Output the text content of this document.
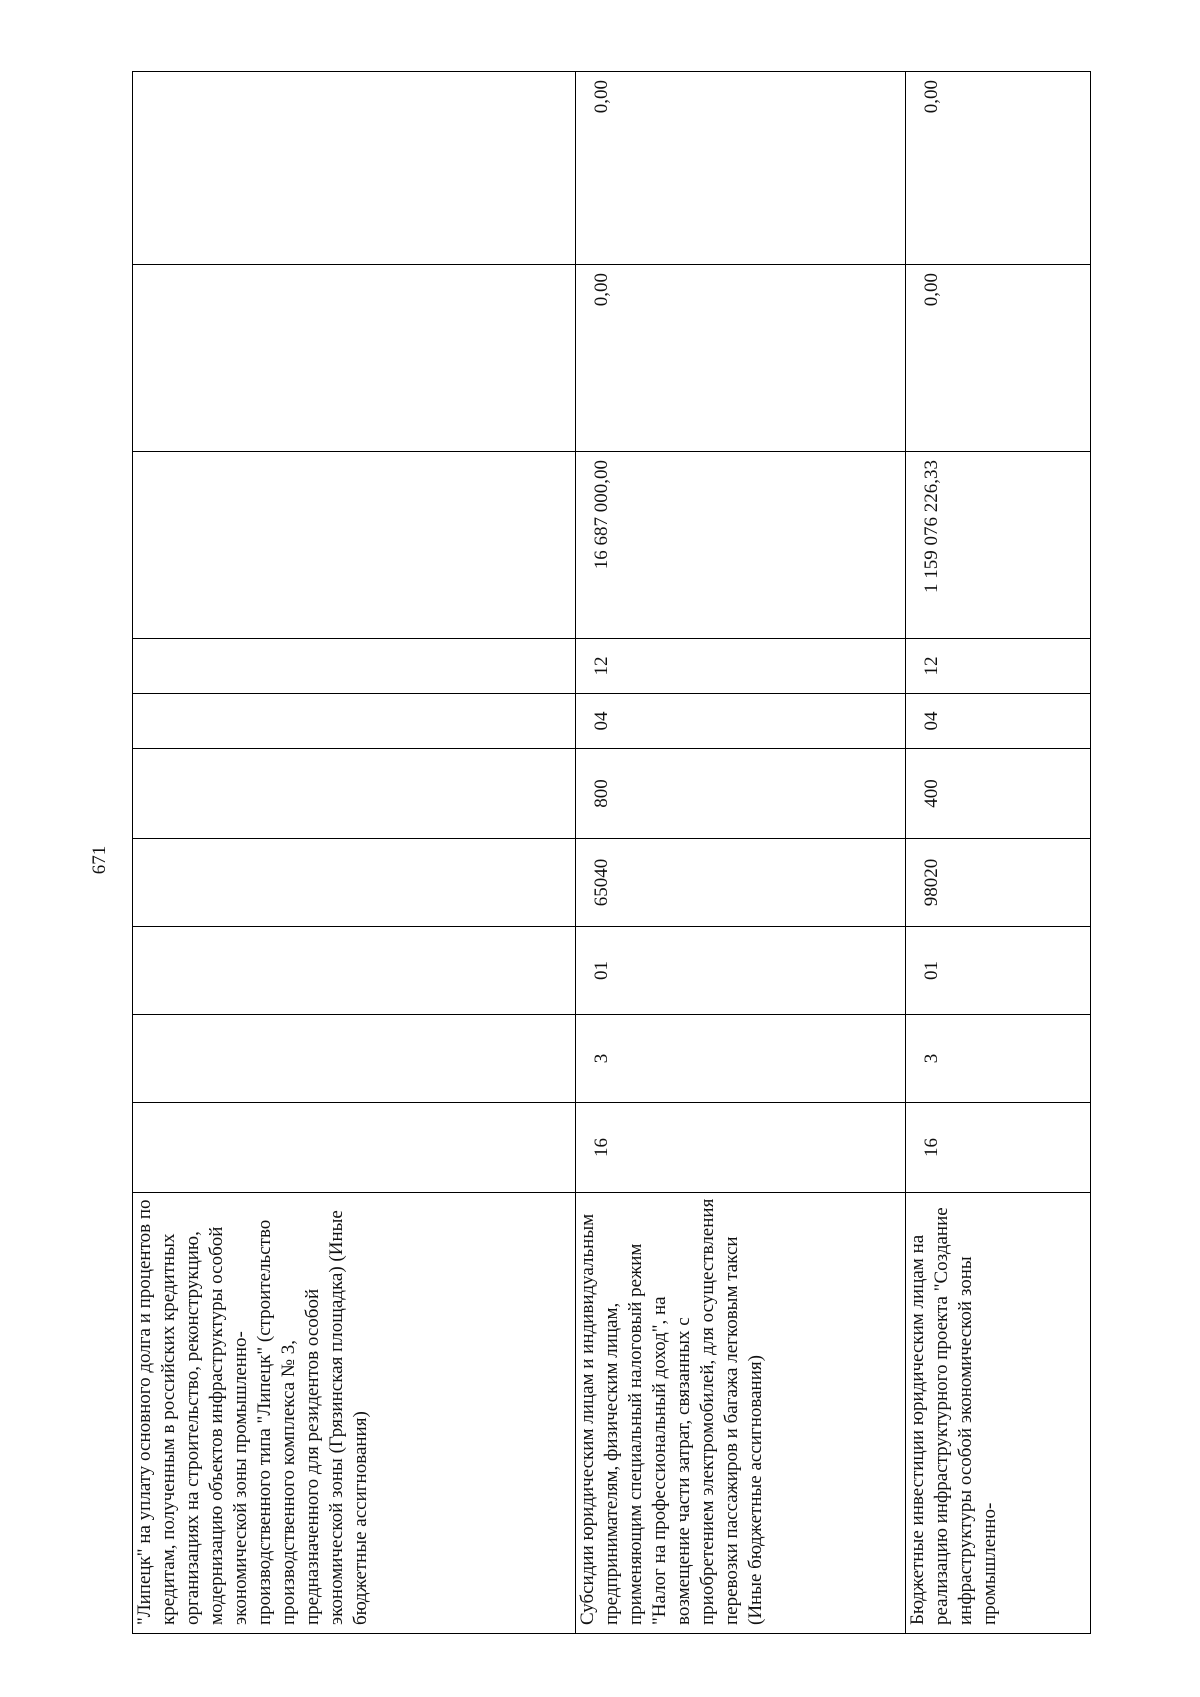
671
"Липецк" на уплату основного долга и процентов по кредитам, полученным в российских кредитных организациях на строительство, реконструкцию, модернизацию объектов инфраструктуры особой экономической зоны промышленно-производственного типа "Липецк" (строительство производственного комплекса № 3, предназначенного для резидентов особой экономической зоны (Грязинская площадка) (Иные бюджетные ассигнования)										
Субсидии юридическим лицам и индивидуальным предпринимателям, физическим лицам, применяющим специальный налоговый режим "Налог на профессиональный доход", на возмещение части затрат, связанных с приобретением электромобилей, для осуществления перевозки пассажиров и багажа легковым такси (Иные бюджетные ассигнования)	16	3	01	65040	800	04	12	16 687 000,00	0,00	0,00
Бюджетные инвестиции юридическим лицам на реализацию инфраструктурного проекта "Создание инфраструктуры особой экономической зоны промышленно-	16	3	01	98020	400	04	12	1 159 076 226,33	0,00	0,00
